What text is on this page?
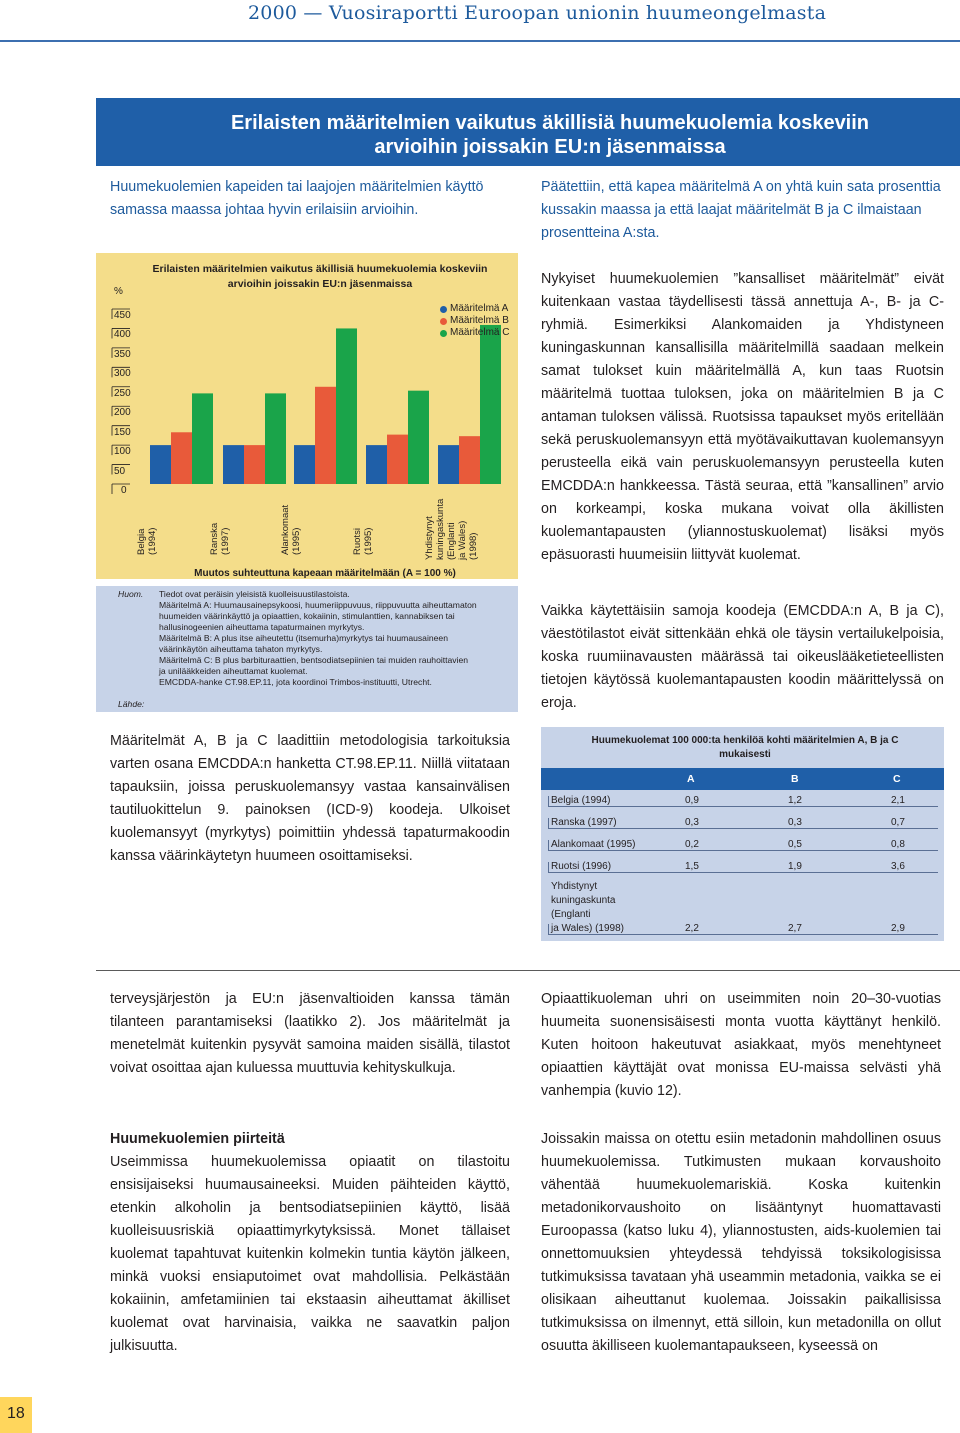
2000 — Vuosiraportti Euroopan unionin huumeongelmasta
Erilaisten määritelmien vaikutus äkillisiä huumekuolemia koskeviin
arvioihin joissakin EU:n jäsenmaissa
Huumekuolemien kapeiden tai laajojen määritelmien käyttö samassa maassa johtaa hyvin erilaisiin arvioihin.
Päätettiin, että kapea määritelmä A on yhtä kuin sata prosenttia kussakin maassa ja että laajat määritelmät B ja C ilmaistaan prosentteina A:sta.
Erilaisten määritelmien vaikutus äkillisiä huumekuolemia koskeviin
arvioihin joissakin EU:n jäsenmaissa
%
450
400
350
300
250
200
150
100
50
0
Belgia
(1994)	Ranska
(1997)	Alankomaat
(1995)	Ruotsi
(1995)	Yhdistynyt
kuningaskunta
(Englanti
ja Wales)
(1998)
Määritelmä A
Määritelmä B
Määritelmä C
Muutos suhteuttuna kapeaan määritelmään (A = 100 %)
Huom.
Lähde:
Tiedot ovat peräisin yleisistä kuolleisuustilastoista.
Määritelmä A: Huumausainepsykoosi, huumeriippuvuus, riippuvuutta aiheuttamaton
huumeiden väärinkäyttö ja opiaattien, kokaiinin, stimulanttien, kannabiksen tai
hallusinogeenien aiheuttama tapaturmainen myrkytys.
Määritelmä B: A plus itse aiheutettu (itsemurha)myrkytys tai huumausaineen
väärinkäytön aiheuttama tahaton myrkytys.
Määritelmä C: B plus barbituraattien, bentsodiatsepiinien tai muiden rauhoittavien
ja unilääkkeiden aiheuttamat kuolemat.
EMCDDA-hanke CT.98.EP.11, jota koordinoi Trimbos-instituutti, Utrecht.
Nykyiset huumekuolemien ”kansalliset määritelmät” eivät kuitenkaan vastaa täydellisesti tässä annettuja A-, B- ja C-ryhmiä. Esimerkiksi Alankomaiden ja Yhdistyneen kuningaskunnan kansallisilla määritelmillä saadaan melkein samat tulokset kuin määritelmällä A, kun taas Ruotsin määritelmä tuottaa tuloksen, joka on määritelmien B ja C antaman tuloksen välissä. Ruotsissa tapaukset myös eritellään sekä peruskuolemansyyn että myötävaikuttavan kuolemansyyn perusteella eikä vain peruskuolemansyyn perusteella kuten EMCDDA:n hankkeessa. Tästä seuraa, että ”kansallinen” arvio on korkeampi, koska mukana voivat olla äkillisten kuolemantapausten (yliannostuskuolemat) lisäksi myös epäsuorasti huumeisiin liittyvät kuolemat.
Vaikka käytettäisiin samoja koodeja (EMCDDA:n A, B ja C), väestötilastot eivät sittenkään ehkä ole täysin vertailukelpoisia, koska ruumiinavausten määrässä tai oikeuslääketieteellisten tietojen käytössä kuolemantapausten koodin määrittelyssä on eroja.
Määritelmät A, B ja C laadittiin metodologisia tarkoituksia varten osana EMCDDA:n hanketta CT.98.EP.11. Niillä viitataan tapauksiin, joissa peruskuolemansyy vastaa kansainvälisen tautiluokittelun 9. painoksen (ICD-9) koodeja. Ulkoiset kuolemansyyt (myrkytys) poimittiin yhdessä tapaturmakoodin kanssa väärinkäytetyn huumeen osoittamiseksi.
Huumekuolemat 100 000:ta henkilöä kohti määritelmien A, B ja C
mukaisesti
A	B	C
Belgia (1994)	0,9	1,2	2,1
Ranska (1997)	0,3	0,3	0,7
Alankomaat (1995)	0,2	0,5	0,8
Ruotsi (1996)	1,5	1,9	3,6
Yhdistynyt
kuningaskunta
(Englanti
ja Wales) (1998)	2,2	2,7	2,9
terveysjärjestön ja EU:n jäsenvaltioiden kanssa tämän tilanteen parantamiseksi (laatikko 2). Jos määritelmät ja menetelmät kuitenkin pysyvät samoina maiden sisällä, tilastot voivat osoittaa ajan kuluessa muuttuvia kehityskulkuja.
Huumekuolemien piirteitä
Useimmissa huumekuolemissa opiaatit on tilastoitu ensisijaiseksi huumausaineeksi. Muiden päihteiden käyttö, etenkin alkoholin ja bentsodiatsepiinien käyttö, lisää kuolleisuusriskiä opiaattimyrkytyksissä. Monet tällaiset kuolemat tapahtuvat kuitenkin kolmekin tuntia käytön jälkeen, minkä vuoksi ensiaputoimet ovat mahdollisia. Pelkästään kokaiinin, amfetamiinien tai ekstaasin aiheuttamat äkilliset kuolemat ovat harvinaisia, vaikka ne saavatkin paljon julkisuutta.
Opiaattikuoleman uhri on useimmiten noin 20–30-vuotias huumeita suonensisäisesti monta vuotta käyttänyt henkilö. Kuten hoitoon hakeutuvat asiakkaat, myös menehtyneet opiaattien käyttäjät ovat monissa EU-maissa selvästi yhä vanhempia (kuvio 12).
Joissakin maissa on otettu esiin metadonin mahdollinen osuus huumekuolemissa. Tutkimusten mukaan korvaushoito vähentää huumekuolemariskiä. Koska kuitenkin metadonikorvaushoito on lisääntynyt huomattavasti Euroopassa (katso luku 4), yliannostusten, aids-kuolemien tai onnettomuuksien yhteydessä tehdyissä toksikologisissa tutkimuksissa tavataan yhä useammin metadonia, vaikka se ei olisikaan aiheuttanut kuolemaa. Joissakin paikallisissa tutkimuksissa on ilmennyt, että silloin, kun metadonilla on ollut osuutta äkilliseen kuolemantapaukseen, kyseessä on
18
